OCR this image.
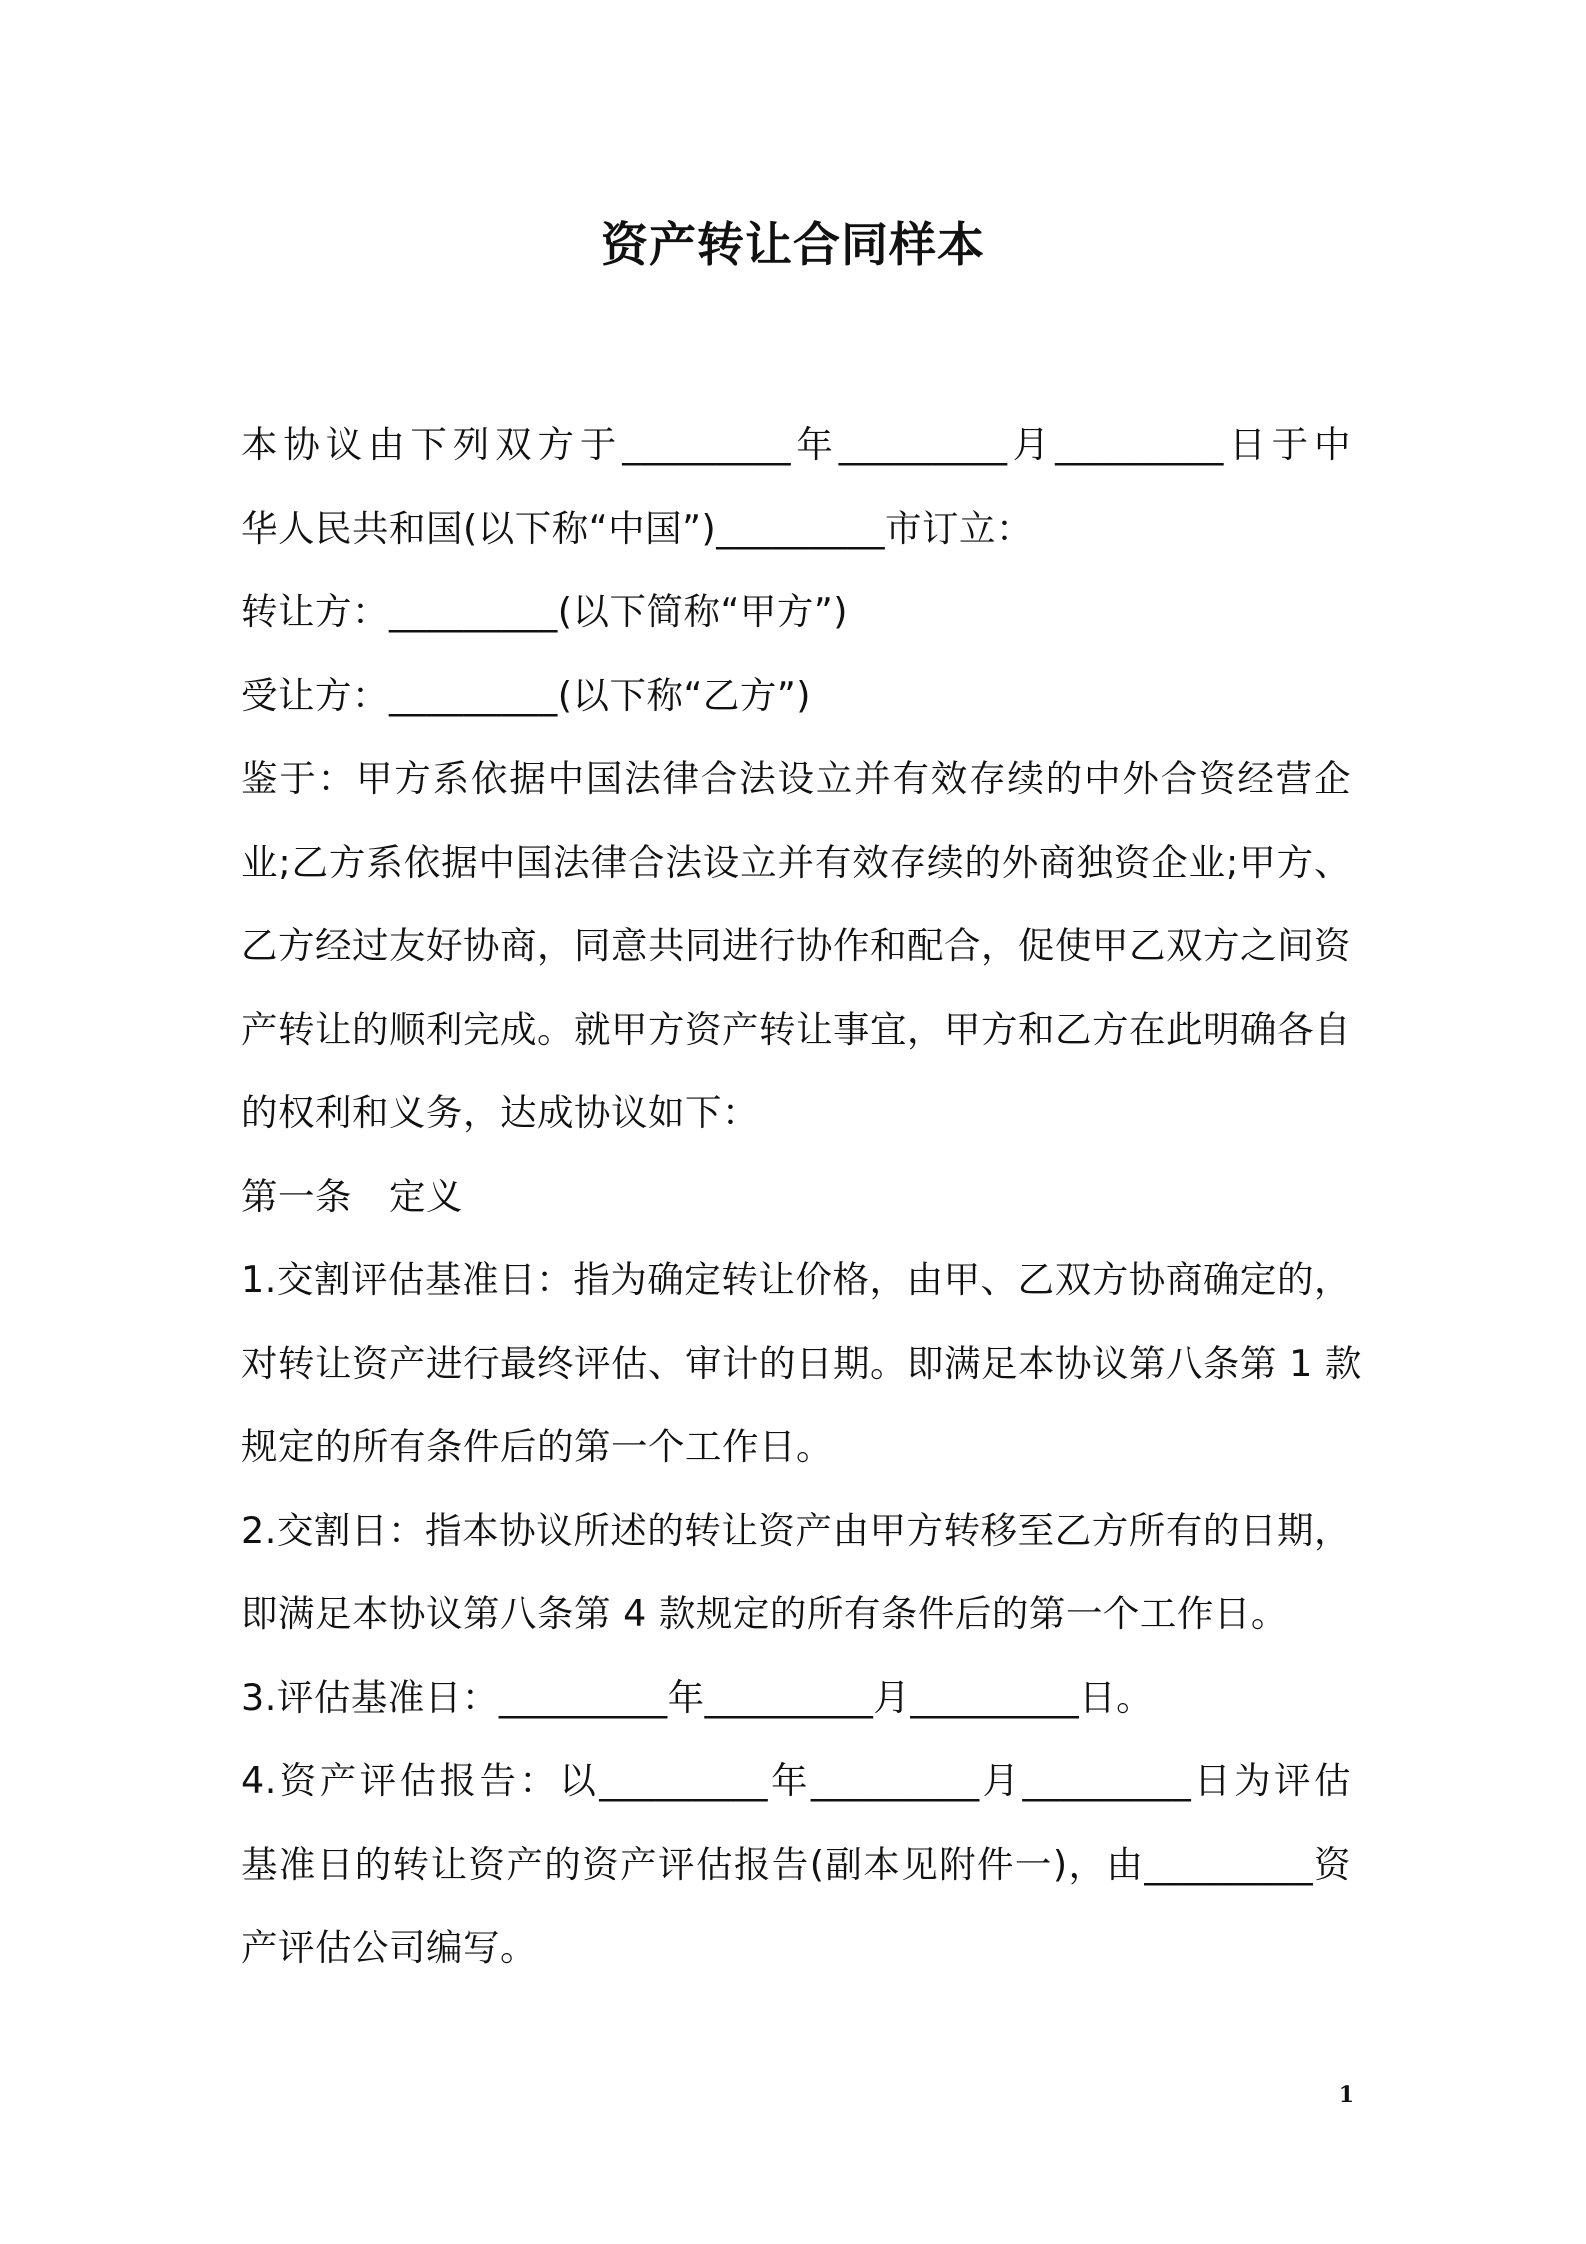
资产转让合同样本
本协议由下列双方于_________年_________月_________日于中
华人民共和国(以下称“中国”)_________市订立：
转让方：_________(以下简称“甲方”)
受让方：_________(以下称“乙方”)
鉴于：甲方系依据中国法律合法设立并有效存续的中外合资经营企
业;乙方系依据中国法律合法设立并有效存续的外商独资企业;甲方、
乙方经过友好协商，同意共同进行协作和配合，促使甲乙双方之间资
产转让的顺利完成。就甲方资产转让事宜，甲方和乙方在此明确各自
的权利和义务，达成协议如下：
第一条　定义
1.交割评估基准日：指为确定转让价格，由甲、乙双方协商确定的，
对转让资产进行最终评估、审计的日期。即满足本协议第八条第 1 款
规定的所有条件后的第一个工作日。
2.交割日：指本协议所述的转让资产由甲方转移至乙方所有的日期，
即满足本协议第八条第 4 款规定的所有条件后的第一个工作日。
3.评估基准日：_________年_________月_________日。
4.资产评估报告：以_________年_________月_________日为评估
基准日的转让资产的资产评估报告(副本见附件一)，由_________资
产评估公司编写。
1
